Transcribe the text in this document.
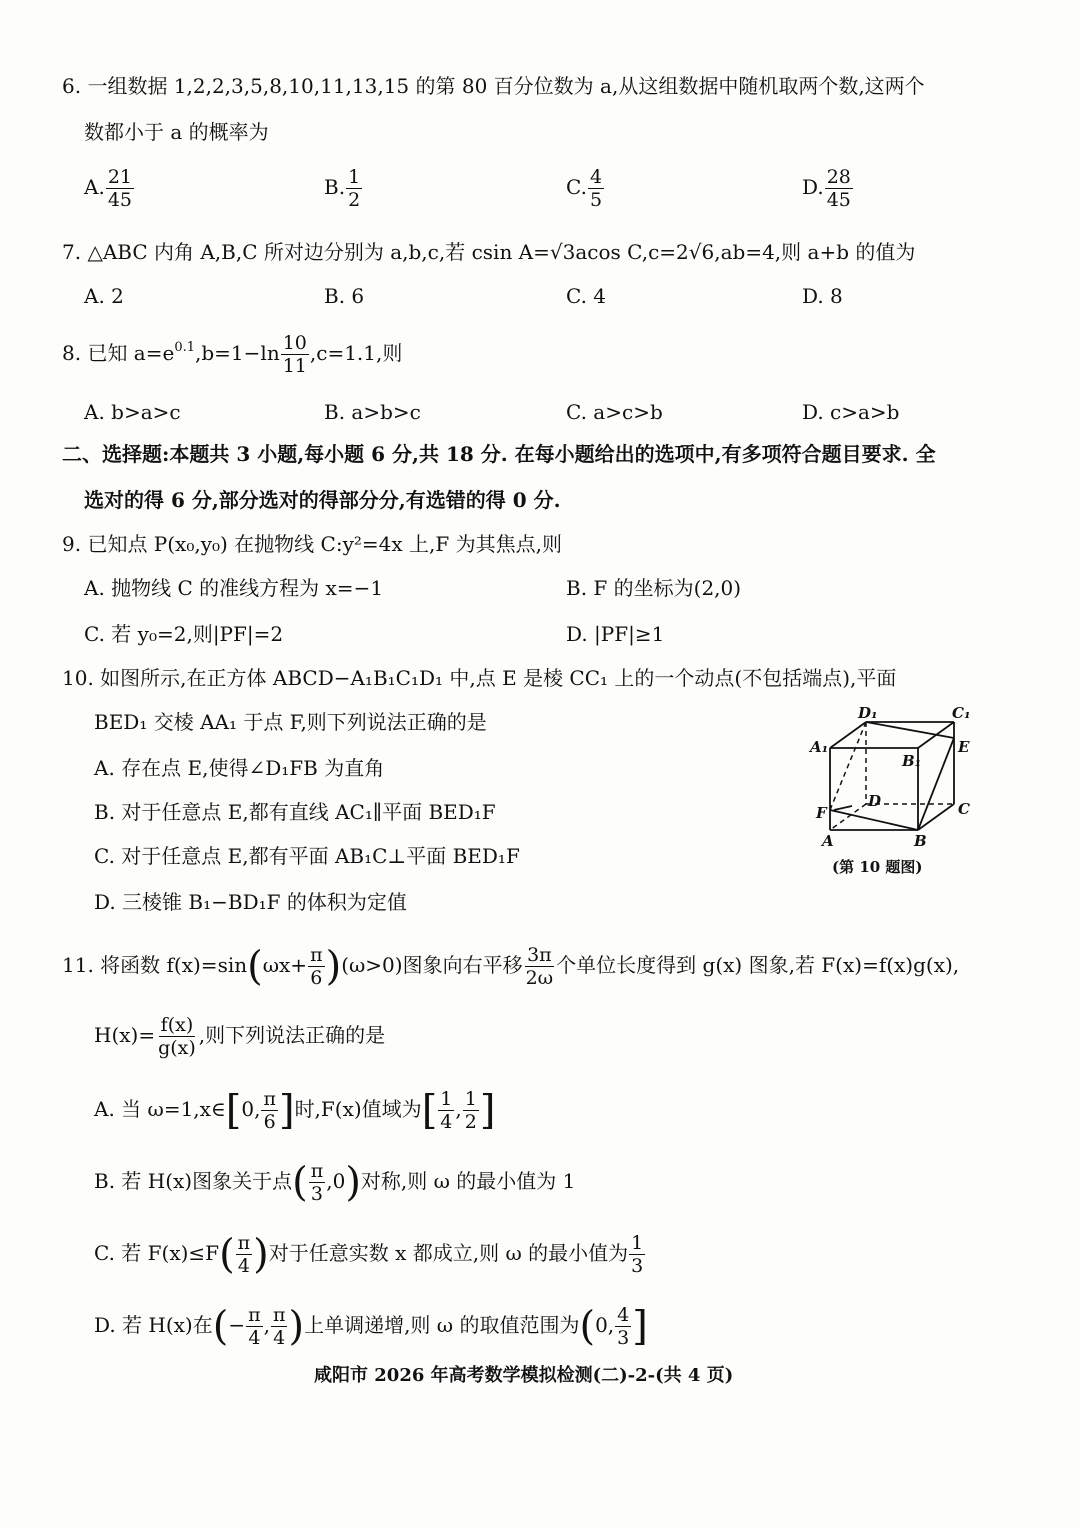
6. 一组数据 1,2,2,3,5,8,10,11,13,15 的第 80 百分位数为 a,从这组数据中随机取两个数,这两个
数都小于 a 的概率为
A. $\frac{21}{45}$	B. $\frac{1}{2}$	C. $\frac{4}{5}$	D. $\frac{28}{45}$
7. △ABC 内角 A,B,C 所对边分别为 a,b,c,若 csin A=√3acos C,c=2√6,ab=4,则 a+b 的值为
A. 2	B. 6	C. 4	D. 8
8. 已知 $a=e^{0.1},b=1-\ln \frac{10}{11} ,c=1.1$,则
A. b>a>c	B. a>b>c	C. a>c>b	D. c>a>b
二、选择题:本题共 3 小题,每小题 6 分,共 18 分. 在每小题给出的选项中,有多项符合题目要求. 全
选对的得 6 分,部分选对的得部分分,有选错的得 0 分.
9. 已知点 P(x₀,y₀) 在抛物线 C:y²=4x 上,F 为其焦点,则
A. 抛物线 C 的准线方程为 x=−1	B. F 的坐标为(2,0)
C. 若 y₀=2,则|PF|=2	D. |PF|≥1
10. 如图所示,在正方体 ABCD−A₁B₁C₁D₁ 中,点 E 是棱 CC₁ 上的一个动点(不包括端点),平面
BED₁ 交棱 AA₁ 于点 F,则下列说法正确的是
A. 存在点 E,使得∠D₁FB 为直角
B. 对于任意点 E,都有直线 AC₁∥平面 BED₁F
C. 对于任意点 E,都有平面 AB₁C⊥平面 BED₁F
D. 三棱锥 B₁−BD₁F 的体积为定值
D₁	C₁
A₁
B₁
E
D	C
F
A	B
(第 10 题图)
11. 将函数 $f(x)=\sin(\omega x+ \frac{\pi}{6} )(\omega>0)$图象向右平移 $\frac{3\pi}{2\omega}$ 个单位长度得到 g(x) 图象,若 F(x)=f(x)g(x),
$H(x)= \frac{f(x)}{g(x)}$ ,则下列说法正确的是
A. 当 ω=1,x∈[0, $\frac{\pi}{6}$ ]时,F(x)值域为[ $\frac{1}{4}$ , $\frac{1}{2}$ ]
B. 若 H(x)图象关于点( $\frac{\pi}{3} ,0$)对称,则 ω 的最小值为 1
C. 若 $F(x)\le F( \frac{\pi}{4}$ )对于任意实数 x 都成立,则 ω 的最小值为 $\frac{1}{3}$
D. 若 H(x)在(− $\frac{\pi}{4}$ , $\frac{\pi}{4}$ )上单调递增,则 ω 的取值范围为(0, $\frac{4}{3}$ ]
咸阳市 2026 年高考数学模拟检测(二)-2-(共 4 页)
